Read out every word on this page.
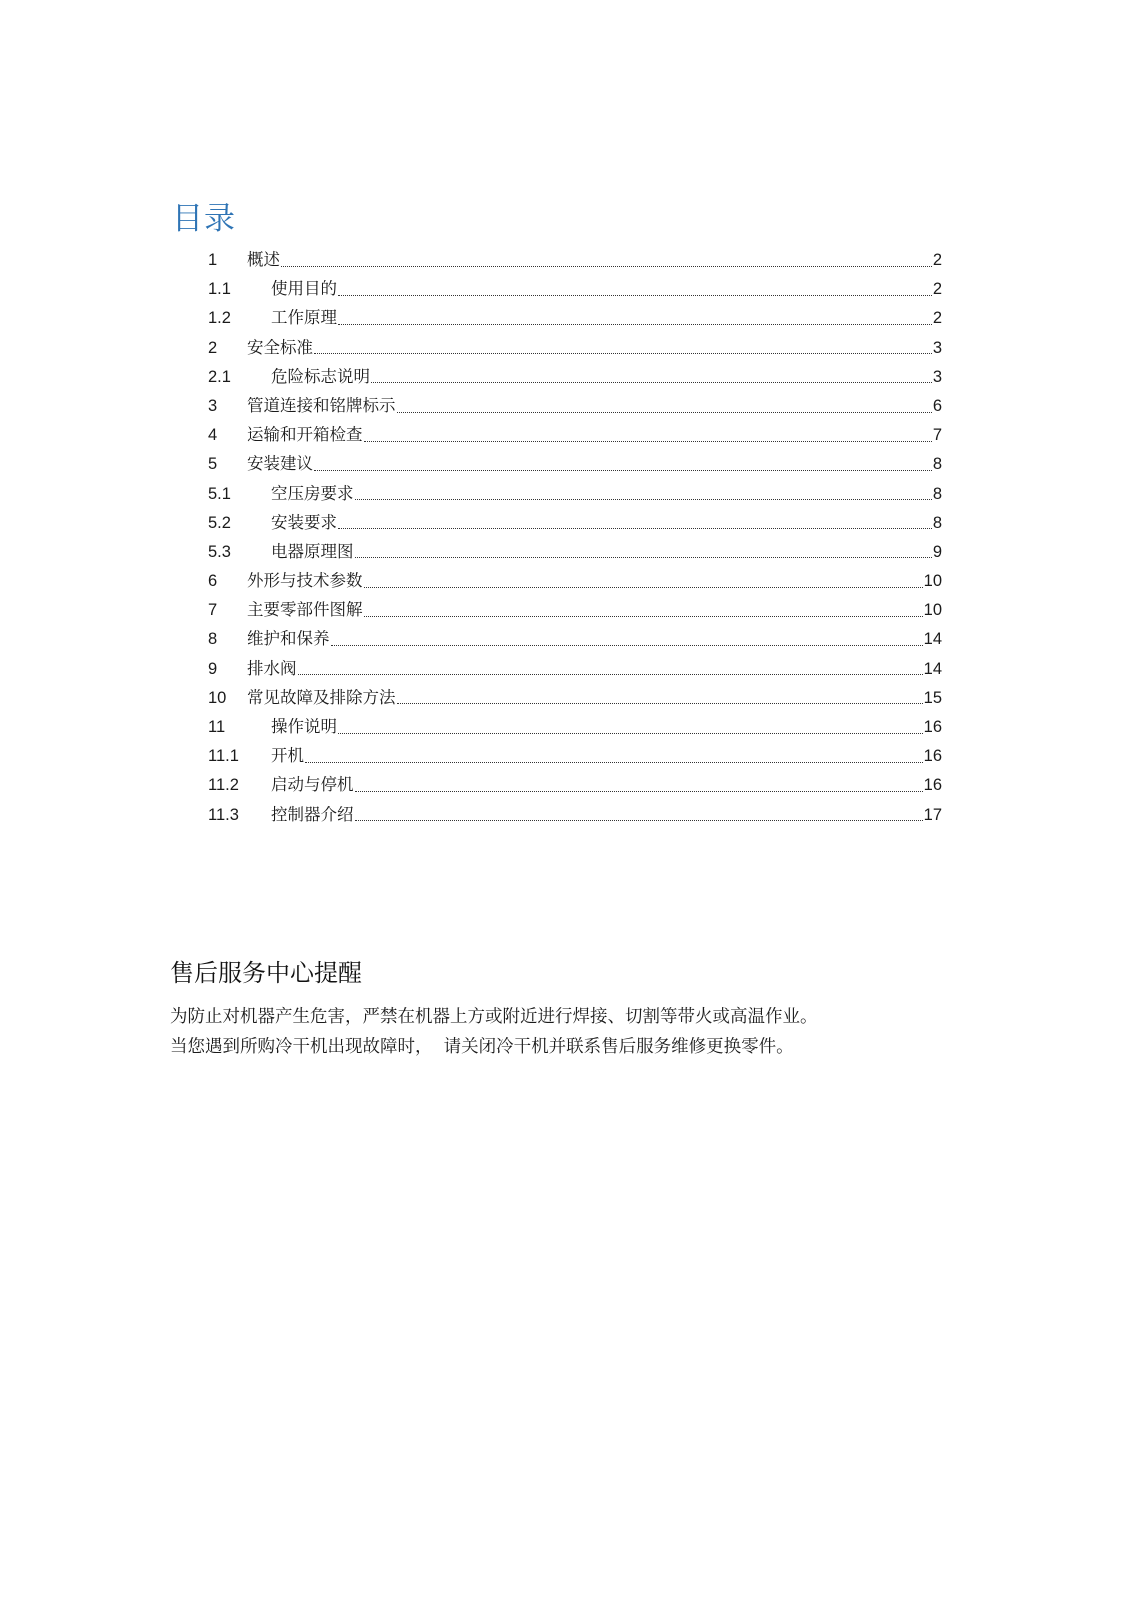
目录
1	概述	2
1.1	使用目的	2
1.2	工作原理	2
2	安全标准	3
2.1	危险标志说明	3
3	管道连接和铭牌标示	6
4	运输和开箱检查	7
5	安装建议	8
5.1	空压房要求	8
5.2	安装要求	8
5.3	电器原理图	9
6	外形与技术参数	10
7	主要零部件图解	10
8	维护和保养	14
9	排水阀	14
10	常见故障及排除方法	15
11	操作说明	16
11.1	开机	16
11.2	启动与停机	16
11.3	控制器介绍	17
售后服务中心提醒
为防止对机器产生危害，严禁在机器上方或附近进行焊接、切割等带火或高温作业。
当您遇到所购冷干机出现故障时，  请关闭冷干机并联系售后服务维修更换零件。
